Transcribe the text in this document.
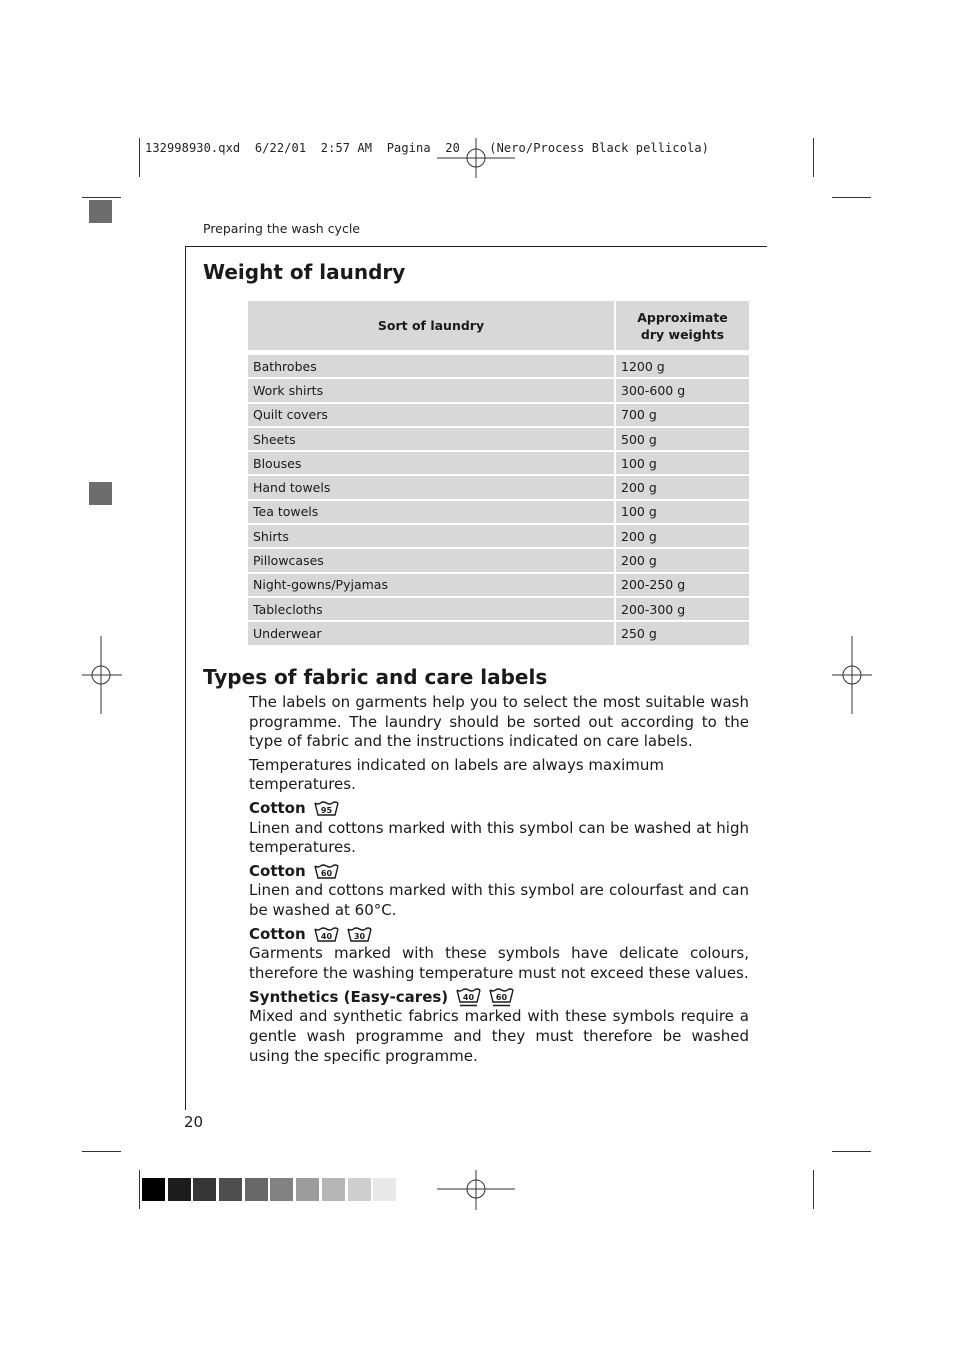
132998930.qxd  6/22/01  2:57 AM  Pagina  20    (Nero/Process Black pellicola)
Preparing the wash cycle
Weight of laundry
Sort of laundry	Approximate
dry weights

Bathrobes	1200 g
Work shirts	300-600 g
Quilt covers	700 g
Sheets	500 g
Blouses	100 g
Hand towels	200 g
Tea towels	100 g
Shirts	200 g
Pillowcases	200 g
Night-gowns/Pyjamas	200-250 g
Tablecloths	200-300 g
Underwear	250 g
Types of fabric and care labels

The labels on garments help you to select the most suitable wash programme. The laundry should be sorted out according to the type of fabric and the instructions indicated on care labels.

Temperatures indicated on labels are always maximum temperatures.

Cotton 95

Linen and cottons marked with this symbol can be washed at high temperatures.

Cotton 60

Linen and cottons marked with this symbol are colourfast and can be washed at 60°C.

Cotton 40	30

Garments marked with these symbols have delicate colours, therefore the washing temperature must not exceed these values.

Synthetics (Easy-cares) 40	60

Mixed and synthetic fabrics marked with these symbols require a gentle wash programme and they must therefore be washed using the specific programme.

20
